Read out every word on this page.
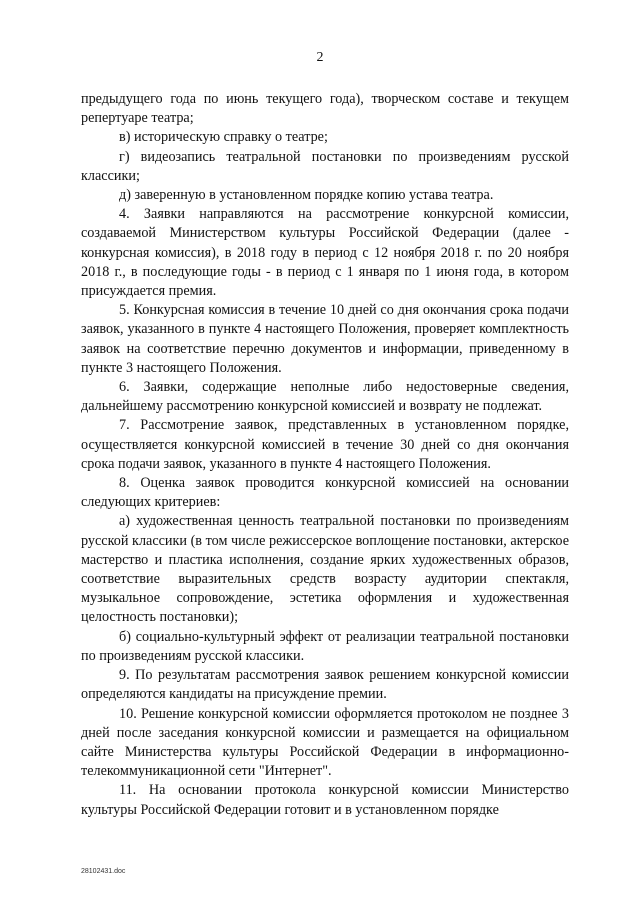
2

предыдущего года по июнь текущего года), творческом составе и текущем репертуаре театра;

в) историческую справку о театре;

г) видеозапись театральной постановки по произведениям русской классики;

д) заверенную в установленном порядке копию устава театра.

4. Заявки направляются на рассмотрение конкурсной комиссии, создаваемой Министерством культуры Российской Федерации (далее - конкурсная комиссия), в 2018 году в период с 12 ноября 2018 г. по 20 ноября 2018 г., в последующие годы - в период с 1 января по 1 июня года, в котором присуждается премия.

5. Конкурсная комиссия в течение 10 дней со дня окончания срока подачи заявок, указанного в пункте 4 настоящего Положения, проверяет комплектность заявок на соответствие перечню документов и информации, приведенному в пункте 3 настоящего Положения.

6. Заявки, содержащие неполные либо недостоверные сведения, дальнейшему рассмотрению конкурсной комиссией и возврату не подлежат.

7. Рассмотрение заявок, представленных в установленном порядке, осуществляется конкурсной комиссией в течение 30 дней со дня окончания срока подачи заявок, указанного в пункте 4 настоящего Положения.

8. Оценка заявок проводится конкурсной комиссией на основании следующих критериев:

а) художественная ценность театральной постановки по произведениям русской классики (в том числе режиссерское воплощение постановки, актерское мастерство и пластика исполнения, создание ярких художественных образов, соответствие выразительных средств возрасту аудитории спектакля, музыкальное сопровождение, эстетика оформления и художественная целостность постановки);

б) социально-культурный эффект от реализации театральной постановки по произведениям русской классики.

9. По результатам рассмотрения заявок решением конкурсной комиссии определяются кандидаты на присуждение премии.

10. Решение конкурсной комиссии оформляется протоколом не позднее 3 дней после заседания конкурсной комиссии и размещается на официальном сайте Министерства культуры Российской Федерации в информационно-телекоммуникационной сети "Интернет".

11. На основании протокола конкурсной комиссии Министерство культуры Российской Федерации готовит и в установленном порядке

28102431.doc
